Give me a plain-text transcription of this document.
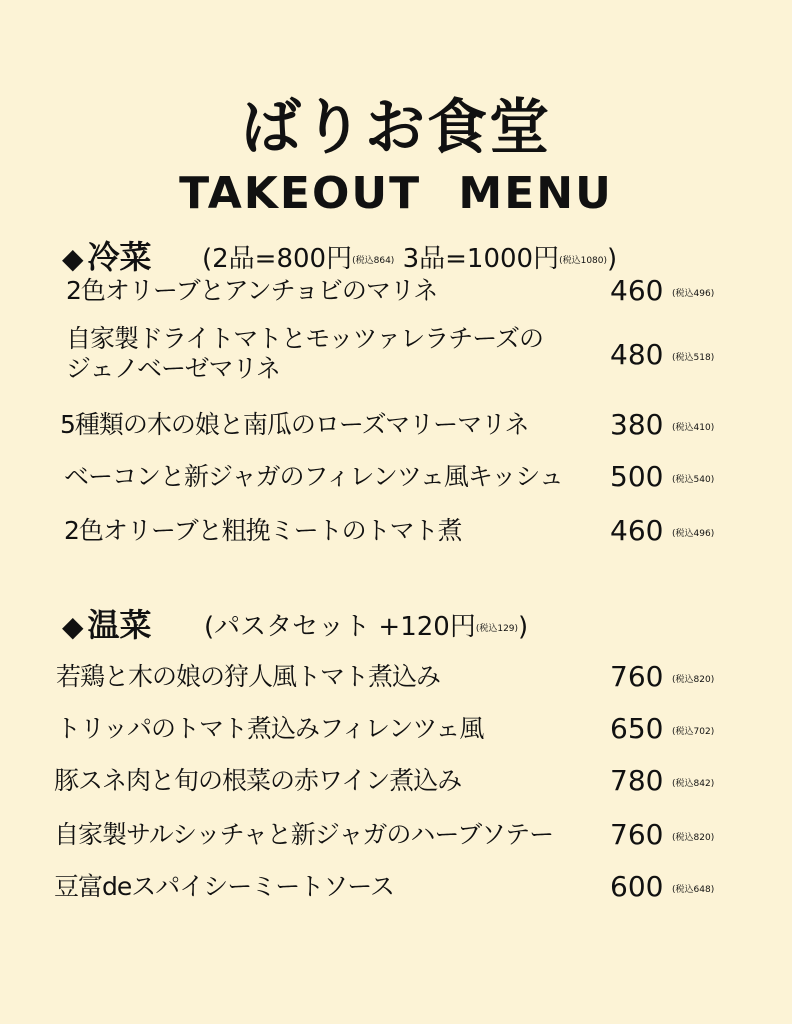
ばりお食堂
TAKEOUT MENU
◆ 冷菜 (2品=800円(税込864) 3品=1000円(税込1080))
2色オリーブとアンチョビのマリネ	460 (税込496)
自家製ドライトマトとモッツァレラチーズの
ジェノベーゼマリネ	480 (税込518)
5種類の木の娘と南瓜のローズマリーマリネ	380 (税込410)
ベーコンと新ジャガのフィレンツェ風キッシュ 500 (税込540)
2色オリーブと粗挽ミートのトマト煮	460 (税込496)
◆ 温菜 (パスタセット +120円(税込129))
若鶏と木の娘の狩人風トマト煮込み	760 (税込820)
トリッパのトマト煮込みフィレンツェ風	650 (税込702)
豚スネ肉と旬の根菜の赤ワイン煮込み	780 (税込842)
自家製サルシッチャと新ジャガのハーブソテー 760 (税込820)
豆富deスパイシーミートソース	600 (税込648)
